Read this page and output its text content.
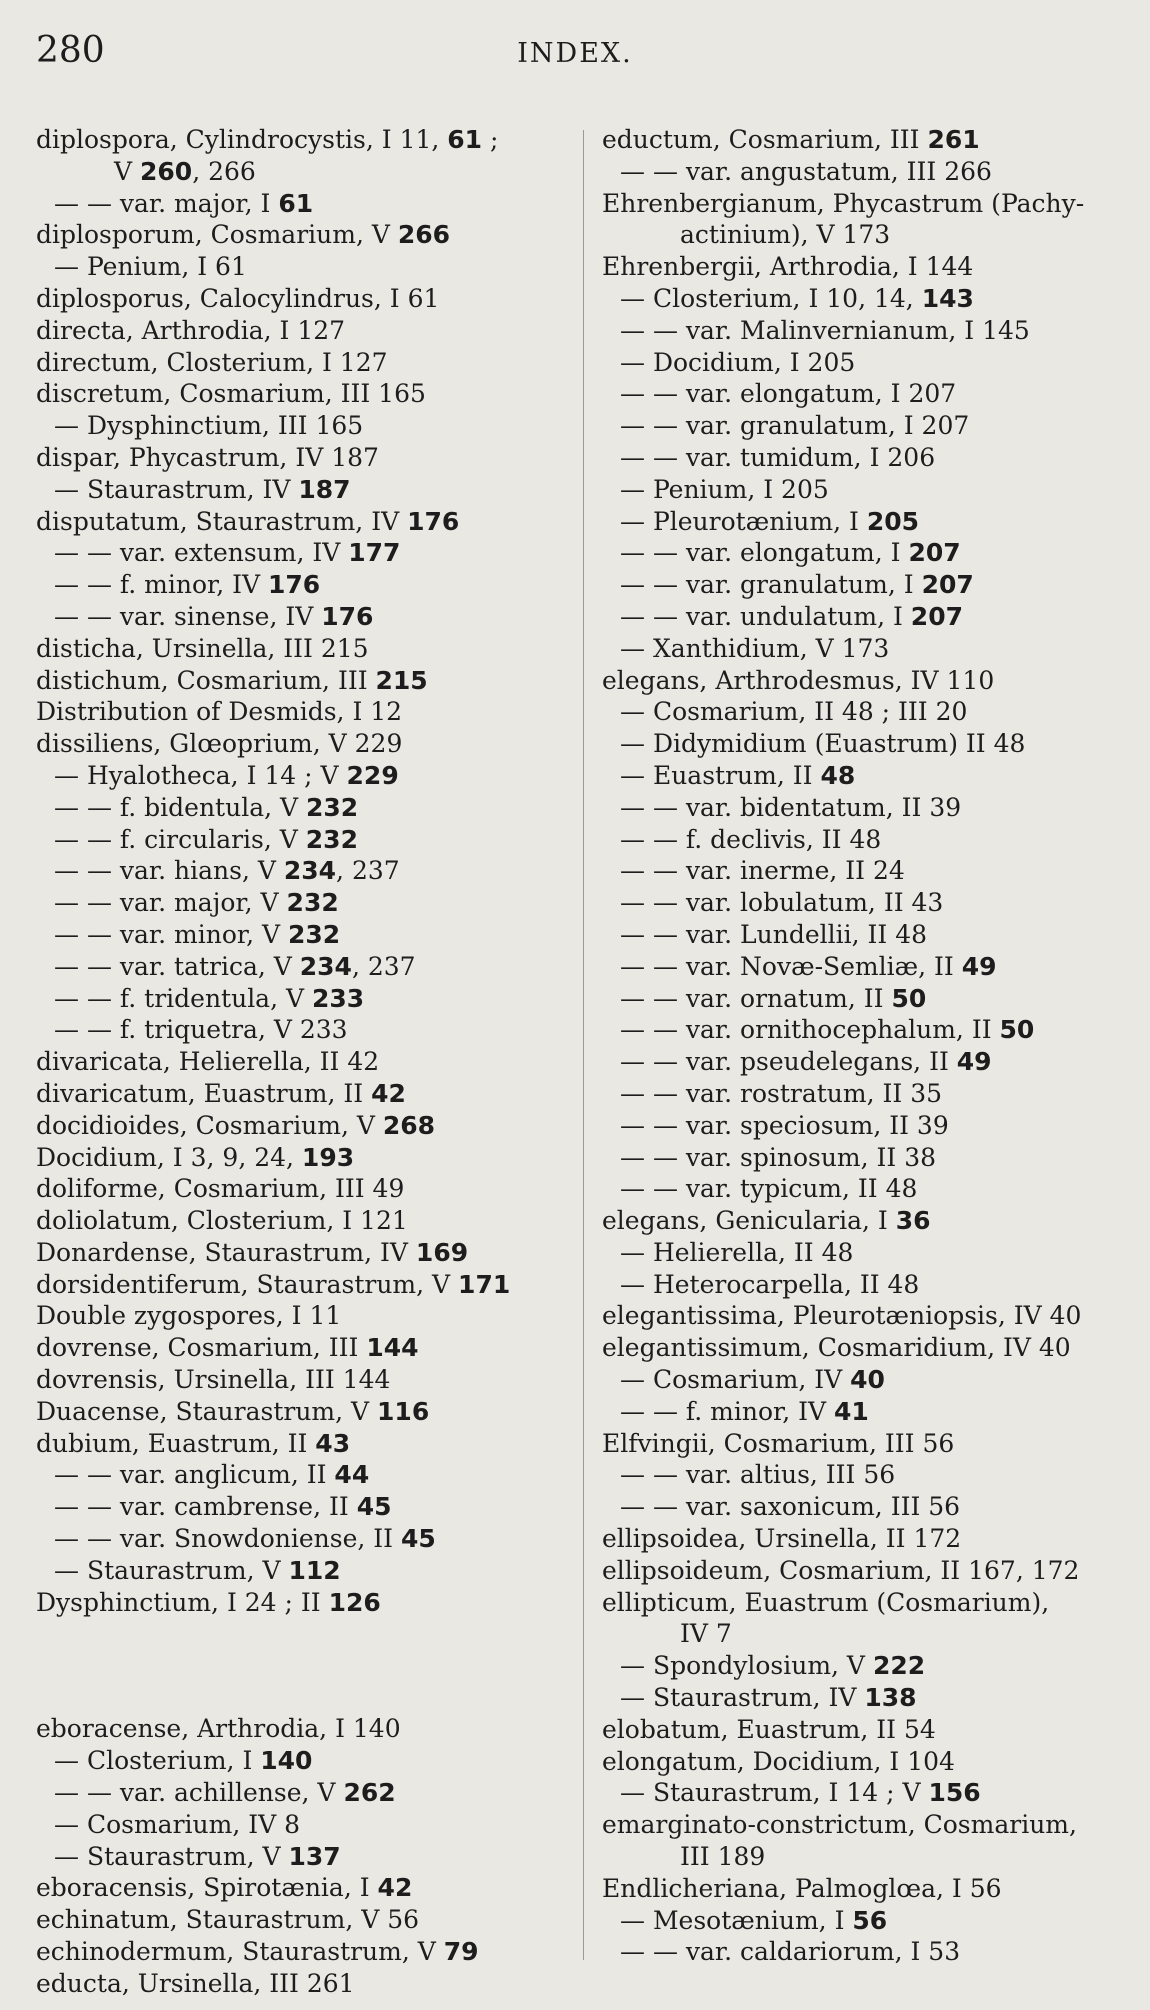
280	INDEX.
diplospora, Cylindrocystis, I 11, 61 ;
V 260, 266
— — var. major, I 61
diplosporum, Cosmarium, V 266
— Penium, I 61
diplosporus, Calocylindrus, I 61
directa, Arthrodia, I 127
directum, Closterium, I 127
discretum, Cosmarium, III 165
— Dysphinctium, III 165
dispar, Phycastrum, IV 187
— Staurastrum, IV 187
disputatum, Staurastrum, IV 176
— — var. extensum, IV 177
— — f. minor, IV 176
— — var. sinense, IV 176
disticha, Ursinella, III 215
distichum, Cosmarium, III 215
Distribution of Desmids, I 12
dissiliens, Glœoprium, V 229
— Hyalotheca, I 14 ; V 229
— — f. bidentula, V 232
— — f. circularis, V 232
— — var. hians, V 234, 237
— — var. major, V 232
— — var. minor, V 232
— — var. tatrica, V 234, 237
— — f. tridentula, V 233
— — f. triquetra, V 233
divaricata, Helierella, II 42
divaricatum, Euastrum, II 42
docidioides, Cosmarium, V 268
Docidium, I 3, 9, 24, 193
doliforme, Cosmarium, III 49
doliolatum, Closterium, I 121
Donardense, Staurastrum, IV 169
dorsidentiferum, Staurastrum, V 171
Double zygospores, I 11
dovrense, Cosmarium, III 144
dovrensis, Ursinella, III 144
Duacense, Staurastrum, V 116
dubium, Euastrum, II 43
— — var. anglicum, II 44
— — var. cambrense, II 45
— — var. Snowdoniense, II 45
— Staurastrum, V 112
Dysphinctium, I 24 ; II 126
eboracense, Arthrodia, I 140
— Closterium, I 140
— — var. achillense, V 262
— Cosmarium, IV 8
— Staurastrum, V 137
eboracensis, Spirotænia, I 42
echinatum, Staurastrum, V 56
echinodermum, Staurastrum, V 79
educta, Ursinella, III 261
eductum, Cosmarium, III 261
— — var. angustatum, III 266
Ehrenbergianum, Phycastrum (Pachy-
actinium), V 173
Ehrenbergii, Arthrodia, I 144
— Closterium, I 10, 14, 143
— — var. Malinvernianum, I 145
— Docidium, I 205
— — var. elongatum, I 207
— — var. granulatum, I 207
— — var. tumidum, I 206
— Penium, I 205
— Pleurotænium, I 205
— — var. elongatum, I 207
— — var. granulatum, I 207
— — var. undulatum, I 207
— Xanthidium, V 173
elegans, Arthrodesmus, IV 110
— Cosmarium, II 48 ; III 20
— Didymidium (Euastrum) II 48
— Euastrum, II 48
— — var. bidentatum, II 39
— — f. declivis, II 48
— — var. inerme, II 24
— — var. lobulatum, II 43
— — var. Lundellii, II 48
— — var. Novæ-Semliæ, II 49
— — var. ornatum, II 50
— — var. ornithocephalum, II 50
— — var. pseudelegans, II 49
— — var. rostratum, II 35
— — var. speciosum, II 39
— — var. spinosum, II 38
— — var. typicum, II 48
elegans, Genicularia, I 36
— Helierella, II 48
— Heterocarpella, II 48
elegantissima, Pleurotæniopsis, IV 40
elegantissimum, Cosmaridium, IV 40
— Cosmarium, IV 40
— — f. minor, IV 41
Elfvingii, Cosmarium, III 56
— — var. altius, III 56
— — var. saxonicum, III 56
ellipsoidea, Ursinella, II 172
ellipsoideum, Cosmarium, II 167, 172
ellipticum, Euastrum (Cosmarium),
IV 7
— Spondylosium, V 222
— Staurastrum, IV 138
elobatum, Euastrum, II 54
elongatum, Docidium, I 104
— Staurastrum, I 14 ; V 156
emarginato-constrictum, Cosmarium,
III 189
Endlicheriana, Palmoglœa, I 56
— Mesotænium, I 56
— — var. caldariorum, I 53
